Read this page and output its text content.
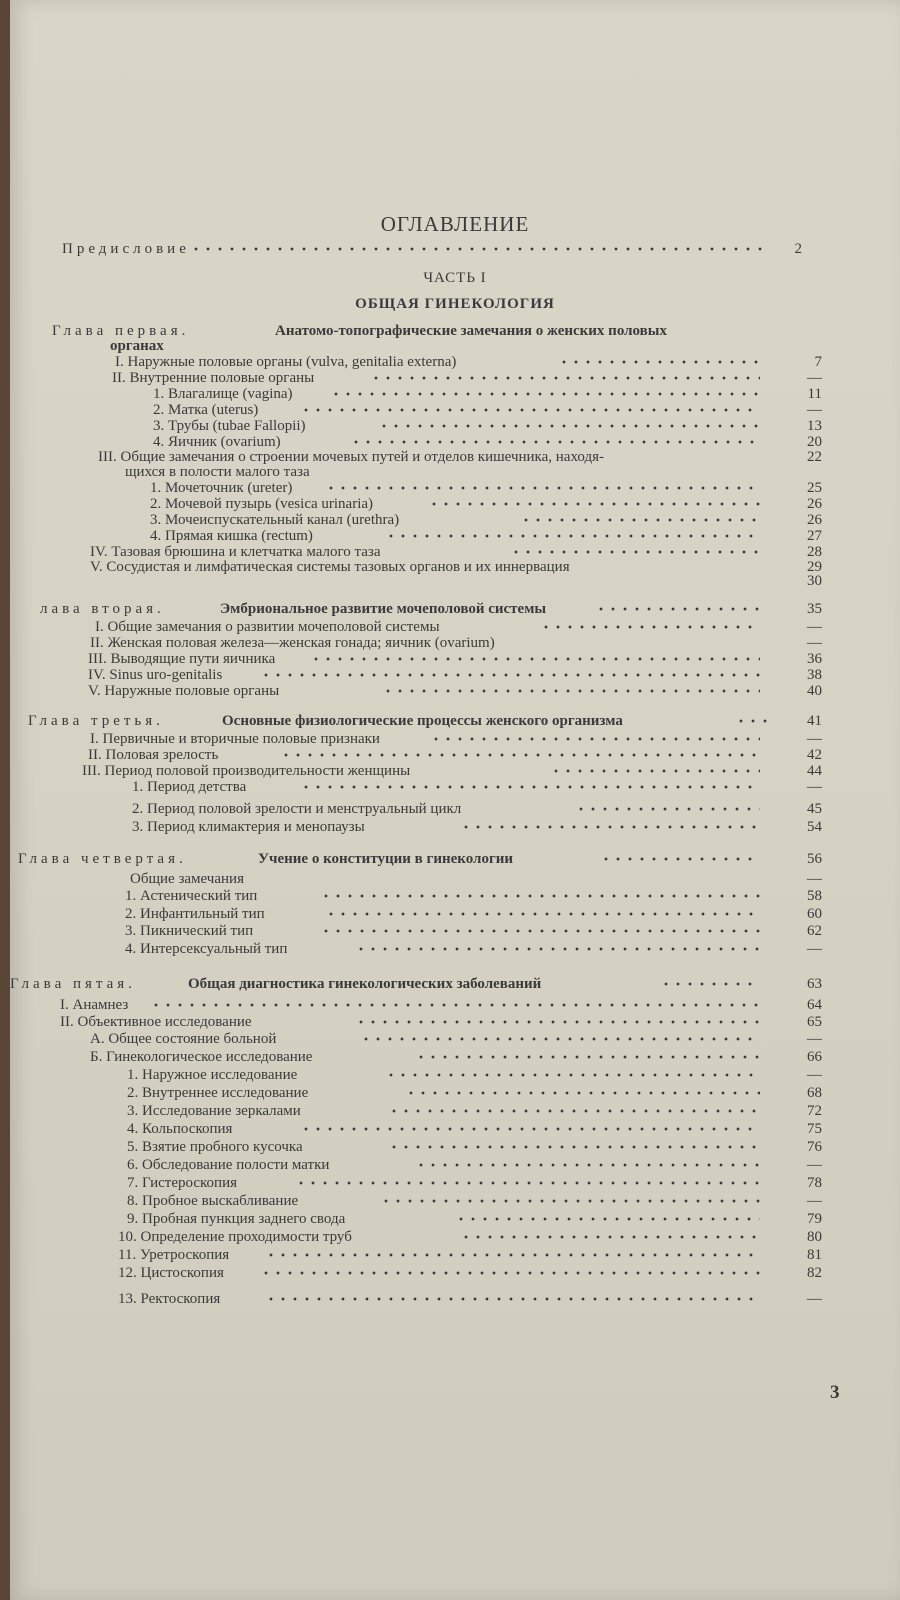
ОГЛАВЛЕНИЕ
Предисловие	2
ЧАСТЬ I
ОБЩАЯ ГИНЕКОЛОГИЯ
Глава первая.	Анатомо-топографические замечания о женских половых
органах
I. Наружные половые органы (vulva, genitalia externa)	7
II. Внутренние половые органы	—
1. Влагалище (vagina)	11
2. Матка (uterus)	—
3. Трубы (tubae Fallopii)	13
4. Яичник (ovarium)	20
III. Общие замечания о строении мочевых путей и отделов кишечника, находя-	22
щихся в полости малого таза
1. Мочеточник (ureter)	25
2. Мочевой пузырь (vesica urinaria)	26
3. Мочеиспускательный канал (urethra)	26
4. Прямая кишка (rectum)	27
IV. Тазовая брюшина и клетчатка малого таза	28
V. Сосудистая и лимфатическая системы тазовых органов и их иннервация	29
30
лава вторая.	Эмбриональное развитие мочеполовой системы	35
I. Общие замечания о развитии мочеполовой системы	—
II. Женская половая железа—женская гонада; яичник (ovarium)	—
III. Выводящие пути яичника	36
IV. Sinus uro-genitalis	38
V. Наружные половые органы	40
Глава третья.	Основные физиологические процессы женского организма	41
I. Первичные и вторичные половые признаки	—
II. Половая зрелость	42
III. Период половой производительности женщины	44
1. Период детства	—
2. Период половой зрелости и менструальный цикл	45
3. Период климактерия и менопаузы	54
Глава четвертая.	Учение о конституции в гинекологии	56
Общие замечания	—
1. Астенический тип	58
2. Инфантильный тип	60
3. Пикнический тип	62
4. Интерсексуальный тип	—
Глава пятая.	Общая диагностика гинекологических заболеваний	63
I. Анамнез	64
II. Объективное исследование	65
А. Общее состояние больной	—
Б. Гинекологическое исследование	66
1. Наружное исследование	—
2. Внутреннее исследование	68
3. Исследование зеркалами	72
4. Кольпоскопия	75
5. Взятие пробного кусочка	76
6. Обследование полости матки	—
7. Гистероскопия	78
8. Пробное выскабливание	—
9. Пробная пункция заднего свода	79
10. Определение проходимости труб	80
11. Уретроскопия	81
12. Цистоскопия	82
13. Ректоскопия	—
3
